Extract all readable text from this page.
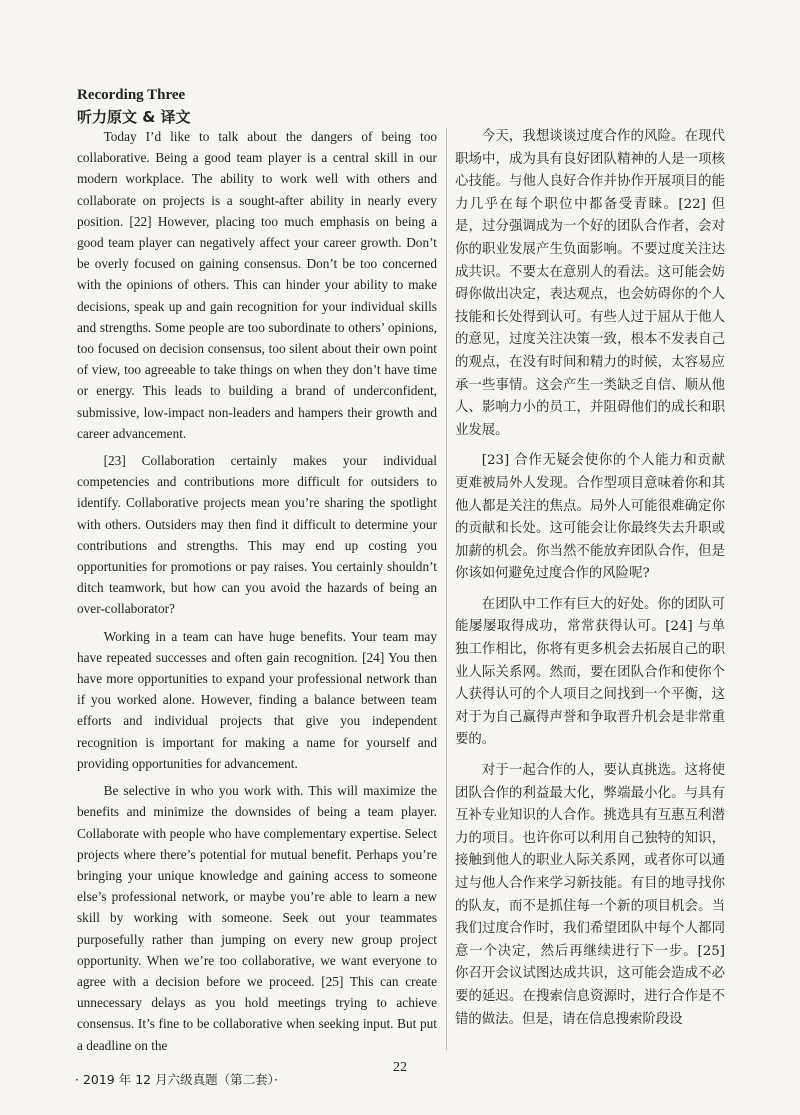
Recording Three
听力原文 & 译文

Today I’d like to talk about the dangers of being too collaborative. Being a good team player is a central skill in our modern workplace. The ability to work well with others and collaborate on projects is a sought-after ability in nearly every position. [22] However, placing too much emphasis on being a good team player can negatively affect your career growth. Don’t be overly focused on gaining consensus. Don’t be too concerned with the opinions of others. This can hinder your ability to make decisions, speak up and gain recognition for your individual skills and strengths. Some people are too subordinate to others’ opinions, too focused on decision consensus, too silent about their own point of view, too agreeable to take things on when they don’t have time or energy. This leads to building a brand of underconfident, submissive, low-impact non-leaders and hampers their growth and career advancement.

[23] Collaboration certainly makes your individual competencies and contributions more difficult for outsiders to identify. Collaborative projects mean you’re sharing the spotlight with others. Outsiders may then find it difficult to determine your contributions and strengths. This may end up costing you opportunities for promotions or pay raises. You certainly shouldn’t ditch teamwork, but how can you avoid the hazards of being an over-collaborator?

Working in a team can have huge benefits. Your team may have repeated successes and often gain recognition. [24] You then have more opportunities to expand your professional network than if you worked alone. However, finding a balance between team efforts and individual projects that give you independent recognition is important for making a name for yourself and providing opportunities for advancement.

Be selective in who you work with. This will maximize the benefits and minimize the downsides of being a team player. Collaborate with people who have complementary expertise. Select projects where there’s potential for mutual benefit. Perhaps you’re bringing your unique knowledge and gaining access to someone else’s professional network, or maybe you’re able to learn a new skill by working with someone. Seek out your teammates purposefully rather than jumping on every new group project opportunity. When we’re too collaborative, we want everyone to agree with a decision before we proceed. [25] This can create unnecessary delays as you hold meetings trying to achieve consensus. It’s fine to be collaborative when seeking input. But put a deadline on the

今天，我想谈谈过度合作的风险。在现代职场中，成为具有良好团队精神的人是一项核心技能。与他人良好合作并协作开展项目的能力几乎在每个职位中都备受青睐。[22] 但是，过分强调成为一个好的团队合作者，会对你的职业发展产生负面影响。不要过度关注达成共识。不要太在意别人的看法。这可能会妨碍你做出决定，表达观点，也会妨碍你的个人技能和长处得到认可。有些人过于屈从于他人的意见，过度关注决策一致，根本不发表自己的观点，在没有时间和精力的时候，太容易应承一些事情。这会产生一类缺乏自信、顺从他人、影响力小的员工，并阻碍他们的成长和职业发展。

[23] 合作无疑会使你的个人能力和贡献更难被局外人发现。合作型项目意味着你和其他人都是关注的焦点。局外人可能很难确定你的贡献和长处。这可能会让你最终失去升职或加薪的机会。你当然不能放弃团队合作，但是你该如何避免过度合作的风险呢?

在团队中工作有巨大的好处。你的团队可能屡屡取得成功，常常获得认可。[24] 与单独工作相比，你将有更多机会去拓展自己的职业人际关系网。然而，要在团队合作和使你个人获得认可的个人项目之间找到一个平衡，这对于为自己赢得声誉和争取晋升机会是非常重要的。

对于一起合作的人，要认真挑选。这将使团队合作的利益最大化，弊端最小化。与具有互补专业知识的人合作。挑选具有互惠互利潜力的项目。也许你可以利用自己独特的知识，接触到他人的职业人际关系网，或者你可以通过与他人合作来学习新技能。有目的地寻找你的队友，而不是抓住每一个新的项目机会。当我们过度合作时，我们希望团队中每个人都同意一个决定，然后再继续进行下一步。[25] 你召开会议试图达成共识，这可能会造成不必要的延迟。在搜索信息资源时，进行合作是不错的做法。但是，请在信息搜索阶段设

· 2019 年 12 月六级真题（第二套）·
22
